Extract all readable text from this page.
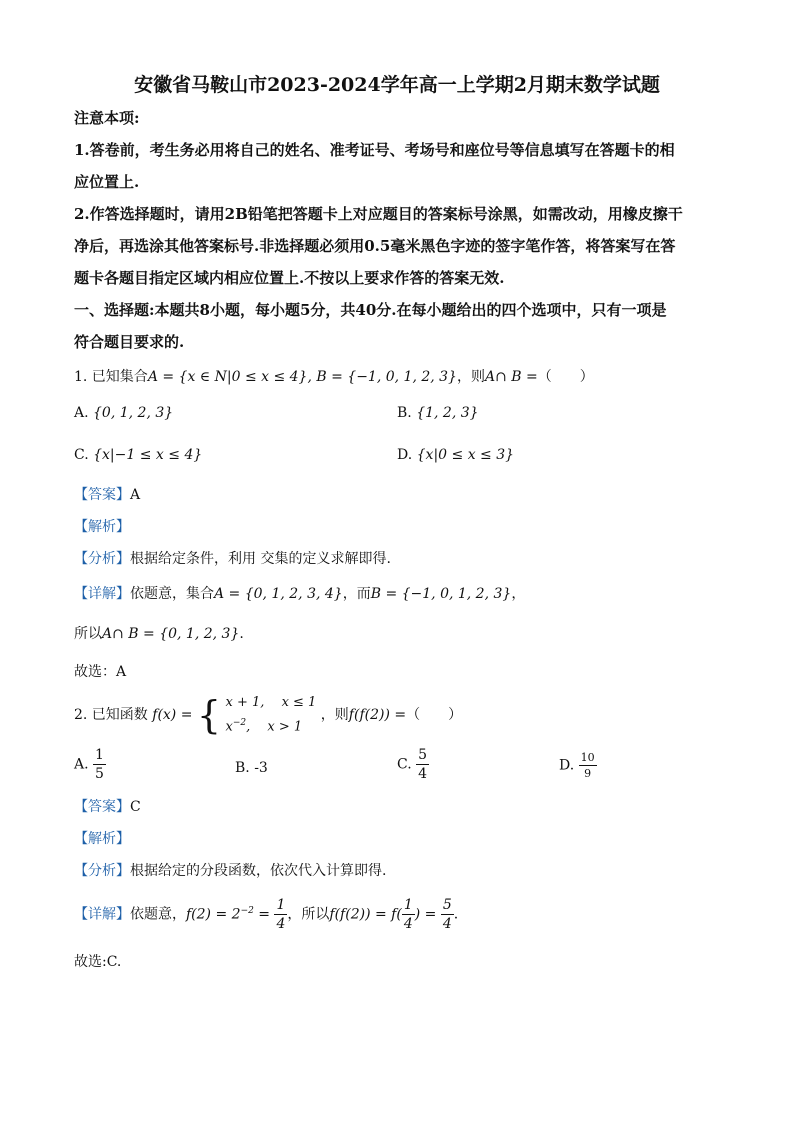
安徽省马鞍山市2023-2024学年高一上学期2月期末数学试题
注意本项:
1.答卷前，考生务必用将自己的姓名、准考证号、考场号和座位号等信息填写在答题卡的相
应位置上.
2.作答选择题时，请用2B铅笔把答题卡上对应题目的答案标号涂黑，如需改动，用橡皮擦干
净后，再选涂其他答案标号.非选择题必须用0.5毫米黑色字迹的签字笔作答，将答案写在答
题卡各题目指定区域内相应位置上.不按以上要求作答的答案无效.
一、选择题:本题共8小题，每小题5分，共40分.在每小题给出的四个选项中，只有一项是
符合题目要求的.
1. 已知集合A = {x ∈ N|0 ≤ x ≤ 4}, B = {−1, 0, 1, 2, 3}，则A∩ B =（　　）
A. {0, 1, 2, 3}	B. {1, 2, 3}
C. {x|−1 ≤ x ≤ 4}	D. {x|0 ≤ x ≤ 3}
【答案】A
【解析】
【分析】根据给定条件，利用 交集的定义求解即得.
【详解】依题意，集合A = {0, 1, 2, 3, 4}，而B = {−1, 0, 1, 2, 3}，
所以A∩ B = {0, 1, 2, 3}.
故选：A
2. 已知函数 f(x) = { x + 1,　 x ≤ 1
$x^{-2}$,　 x > 1
，则f(f(2)) =（　　）
A. $\frac{1}{5}$	B. -3	C. $\frac{5}{4}$	D. $\frac{10}{9}$
【答案】C
【解析】
【分析】根据给定的分段函数，依次代入计算即得.
【详解】依题意，$f(2) = 2^{-2} = \frac{1}{4}$ ，所以$f(f(2)) = f( \frac{1}{4}$ ) = $\frac{5}{4}$ .
故选:C.
